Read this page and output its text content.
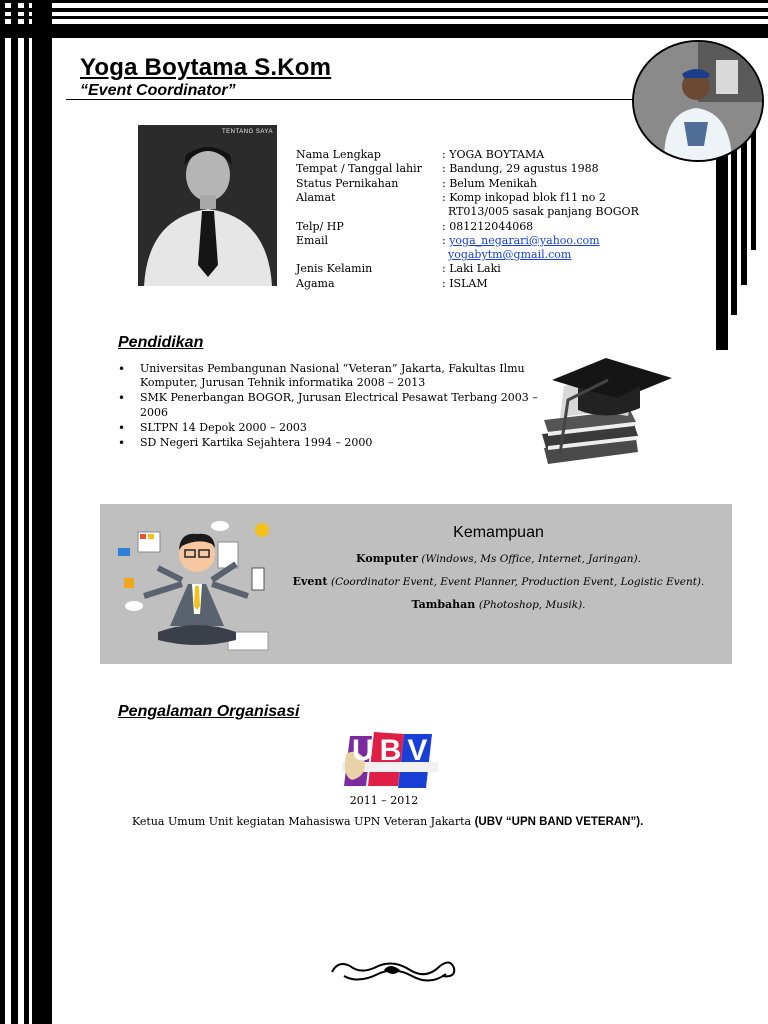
Yoga Boytama S.Kom
“Event Coordinator”
TENTANG SAYA
Nama Lengkap	: YOGA BOYTAMA
Tempat / Tanggal lahir : Bandung, 29 agustus 1988
Status Pernikahan	: Belum Menikah
Alamat	: Komp inkopad blok f11 no 2
RT013/005 sasak panjang BOGOR
Telp/ HP	: 081212044068
Email	: yoga_negarari@yahoo.com
yogabytm@gmail.com
Jenis Kelamin	: Laki Laki
Agama	: ISLAM
Pendidikan
• Universitas Pembangunan Nasional “Veteran” Jakarta, Fakultas Ilmu Komputer, Jurusan Tehnik informatika 2008 – 2013
• SMK Penerbangan BOGOR, Jurusan Electrical Pesawat Terbang 2003 – 2006
• SLTPN 14 Depok 2000 – 2003
• SD Negeri Kartika Sejahtera 1994 – 2000
Kemampuan
Komputer (Windows, Ms Office, Internet, Jaringan).
Event (Coordinator Event, Event Planner, Production Event, Logistic Event).
Tambahan (Photoshop, Musik).
Pengalaman Organisasi
UBV
2011 – 2012
Ketua Umum Unit kegiatan Mahasiswa UPN Veteran Jakarta (UBV “UPN BAND VETERAN”).
